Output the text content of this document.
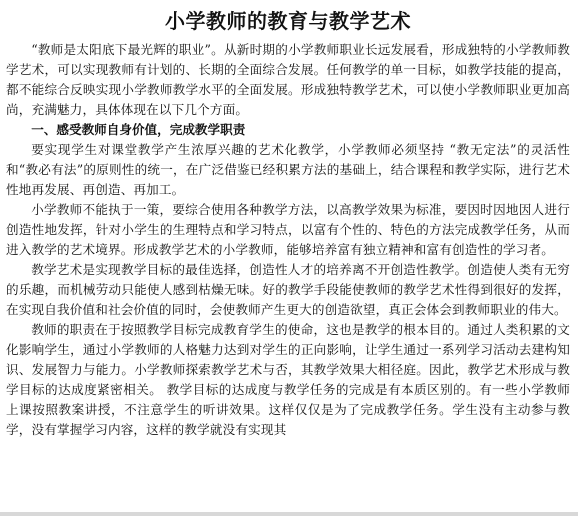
小学教师的教育与教学艺术

“教师是太阳底下最光辉的职业”。从新时期的小学教师职业长远发展看，形成独特的小学教师教学艺术，可以实现教师有计划的、长期的全面综合发展。任何教学的单一目标，如教学技能的提高，都不能综合反映实现小学教师教学水平的全面发展。形成独特教学艺术，可以使小学教师职业更加高尚，充满魅力，具体体现在以下几个方面。

一、感受教师自身价值，完成教学职责

要实现学生对课堂教学产生浓厚兴趣的艺术化教学，小学教师必须坚持 “教无定法”的灵活性和“教必有法”的原则性的统一，在广泛借鉴已经积累方法的基础上，结合课程和教学实际，进行艺术性地再发展、再创造、再加工。

小学教师不能执于一策，要综合使用各种教学方法，以高教学效果为标准，要因时因地因人进行创造性地发挥，针对小学生的生理特点和学习特点，以富有个性的、特色的方法完成教学任务，从而进入教学的艺术境界。形成教学艺术的小学教师，能够培养富有独立精神和富有创造性的学习者。

教学艺术是实现教学目标的最佳选择，创造性人才的培养离不开创造性教学。创造使人类有无穷的乐趣，而机械劳动只能使人感到枯燥无味。好的教学手段能使教师的教学艺术性得到很好的发挥，在实现自我价值和社会价值的同时，会使教师产生更大的创造欲望，真正会体会到教师职业的伟大。

教师的职责在于按照教学目标完成教育学生的使命，这也是教学的根本目的。通过人类积累的文化影响学生，通过小学教师的人格魅力达到对学生的正向影响，让学生通过一系列学习活动去建构知识、发展智力与能力。小学教师探索教学艺术与否，其教学效果大相径庭。因此，教学艺术形成与教学目标的达成度紧密相关。 教学目标的达成度与教学任务的完成是有本质区别的。有一些小学教师上课按照教案讲授，不注意学生的听讲效果。这样仅仅是为了完成教学任务。学生没有主动参与教学，没有掌握学习内容，这样的教学就没有实现其
